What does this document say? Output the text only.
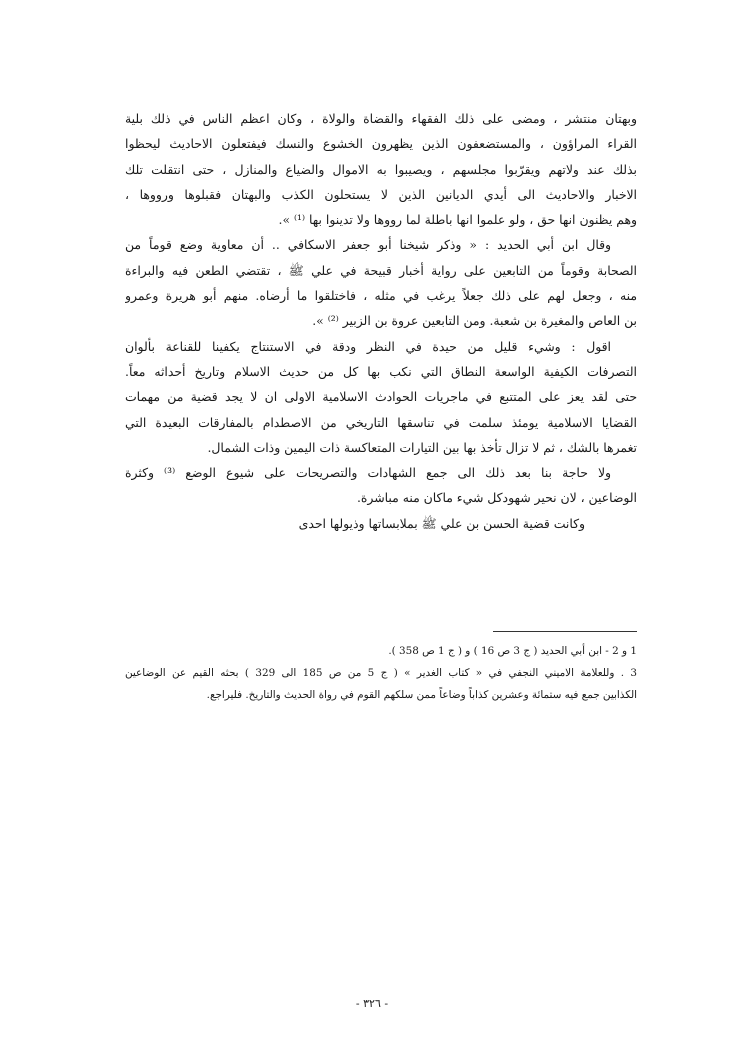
وبهتان منتشر ، ومضى على ذلك الفقهاء والقضاة والولاة ، وكان اعظم الناس في ذلك بلية
القراء المراؤون ، والمستضعفون الذين يظهرون الخشوع والنسك فيفتعلون الاحاديث ليحظوا
بذلك عند ولاتهم ويقرّبوا مجلسهم ، ويصيبوا به الاموال والضياع والمنازل ، حتى انتقلت تلك
الاخبار والاحاديث الى أيدي الديانين الذين لا يستحلون الكذب والبهتان فقبلوها ورووها ،
وهم يظنون انها حق ، ولو علموا انها باطلة لما رووها ولا تدينوا بها ⁽¹⁾ ».
وقال ابن أبي الحديد : « وذكر شيخنا أبو جعفر الاسكافي .. أن معاوية وضع قوماً من
الصحابة وقوماً من التابعين على رواية أخبار قبيحة في علي ﷺ ، تقتضي الطعن فيه والبراءة
منه ، وجعل لهم على ذلك جعلاً يرغب في مثله ، فاختلقوا ما أرضاه. منهم أبو هريرة وعمرو
بن العاص والمغيرة بن شعبة. ومن التابعين عروة بن الزبير ⁽²⁾ ».
اقول : وشيء قليل من حيدة في النظر ودقة في الاستنتاج يكفينا للقناعة بألوان
التصرفات الكيفية الواسعة النطاق التي نكب بها كل من حديث الاسلام وتاريخ أحداثه معاً.
حتى لقد يعز على المتتبع في ماجريات الحوادث الاسلامية الاولى ان لا يجد قضية من مهمات
القضايا الاسلامية يومئذ سلمت في تناسقها التاريخي من الاصطدام بالمفارقات البعيدة التي
تغمرها بالشك ، ثم لا تزال تأخذ بها بين التيارات المتعاكسة ذات اليمين وذات الشمال.
ولا حاجة بنا بعد ذلك الى جمع الشهادات والتصريحات على شيوع الوضع ⁽³⁾ وكثرة
الوضاعين ، لان نحير شهودكل شيء ماكان منه مباشرة.
وكانت قضية الحسن بن علي ﷺ بملابساتها وذيولها احدى
1 و 2 - ابن أبي الحديد ( ج 3 ص 16 ) و ( ج 1 ص 358 ).
3 . وللعلامة الاميني النجفي في « كتاب الغدير » ( ج 5 من ص 185 الى 329 ) بحثه القيم عن الوضاعين
الكذابين جمع فيه ستمائة وعشرين كذاباً وضاعاً ممن سلكهم القوم في رواة الحديث والتاريخ. فليراجع.
- ٣٢٦ -
